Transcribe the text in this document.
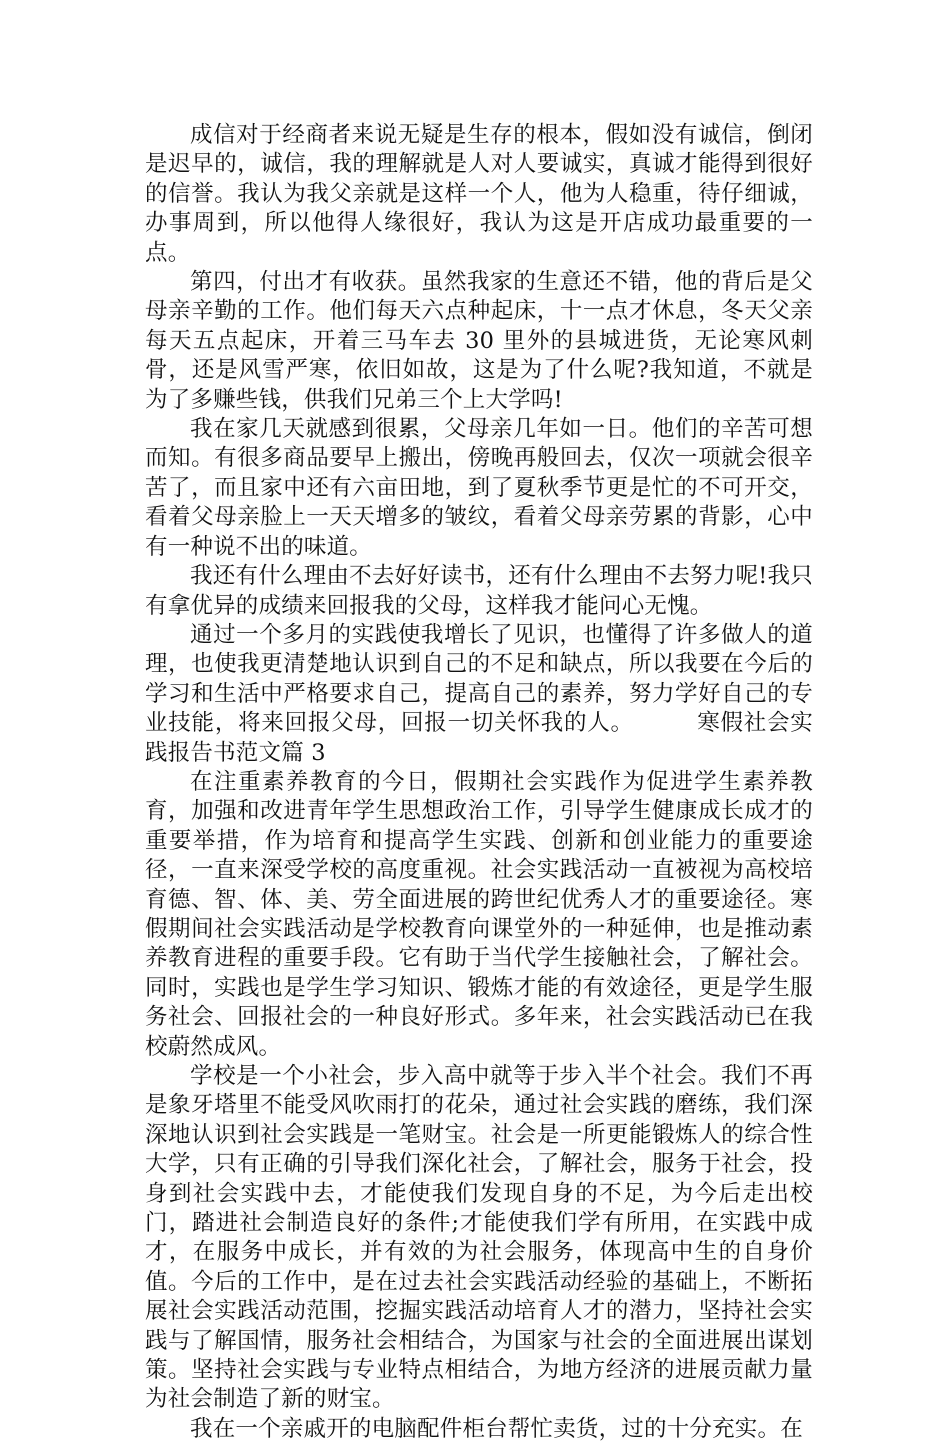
成信对于经商者来说无疑是生存的根本，假如没有诚信，倒闭是迟早的，诚信，我的理解就是人对人要诚实，真诚才能得到很好的信誉。我认为我父亲就是这样一个人，他为人稳重，待仔细诚，办事周到，所以他得人缘很好，我认为这是开店成功最重要的一点。

第四，付出才有收获。虽然我家的生意还不错，他的背后是父母亲辛勤的工作。他们每天六点种起床，十一点才休息，冬天父亲每天五点起床，开着三马车去 30 里外的县城进货，无论寒风刺骨，还是风雪严寒，依旧如故，这是为了什么呢?我知道，不就是为了多赚些钱，供我们兄弟三个上大学吗!

我在家几天就感到很累，父母亲几年如一日。他们的辛苦可想而知。有很多商品要早上搬出，傍晚再般回去，仅次一项就会很辛苦了，而且家中还有六亩田地，到了夏秋季节更是忙的不可开交，看着父母亲脸上一天天增多的皱纹，看着父母亲劳累的背影，心中有一种说不出的味道。

我还有什么理由不去好好读书，还有什么理由不去努力呢!我只有拿优异的成绩来回报我的父母，这样我才能问心无愧。

通过一个多月的实践使我增长了见识，也懂得了许多做人的道理，也使我更清楚地认识到自己的不足和缺点，所以我要在今后的学习和生活中严格要求自己，提高自己的素养，努力学好自己的专业技能，将来回报父母，回报一切关怀我的人。	寒假社会实践报告书范文篇 3

在注重素养教育的今日，假期社会实践作为促进学生素养教育，加强和改进青年学生思想政治工作，引导学生健康成长成才的重要举措，作为培育和提高学生实践、创新和创业能力的重要途径，一直来深受学校的高度重视。社会实践活动一直被视为高校培育德、智、体、美、劳全面进展的跨世纪优秀人才的重要途径。寒假期间社会实践活动是学校教育向课堂外的一种延伸，也是推动素养教育进程的重要手段。它有助于当代学生接触社会，了解社会。同时，实践也是学生学习知识、锻炼才能的有效途径，更是学生服务社会、回报社会的一种良好形式。多年来，社会实践活动已在我校蔚然成风。

学校是一个小社会，步入高中就等于步入半个社会。我们不再是象牙塔里不能受风吹雨打的花朵，通过社会实践的磨练，我们深深地认识到社会实践是一笔财宝。社会是一所更能锻炼人的综合性大学，只有正确的引导我们深化社会，了解社会，服务于社会，投身到社会实践中去，才能使我们发现自身的不足，为今后走出校门，踏进社会制造良好的条件;才能使我们学有所用，在实践中成才，在服务中成长，并有效的为社会服务，体现高中生的自身价值。今后的工作中，是在过去社会实践活动经验的基础上，不断拓展社会实践活动范围，挖掘实践活动培育人才的潜力，坚持社会实践与了解国情，服务社会相结合，为国家与社会的全面进展出谋划策。坚持社会实践与专业特点相结合，为地方经济的进展贡献力量为社会制造了新的财宝。

我在一个亲戚开的电脑配件柜台帮忙卖货，过的十分充实。在
